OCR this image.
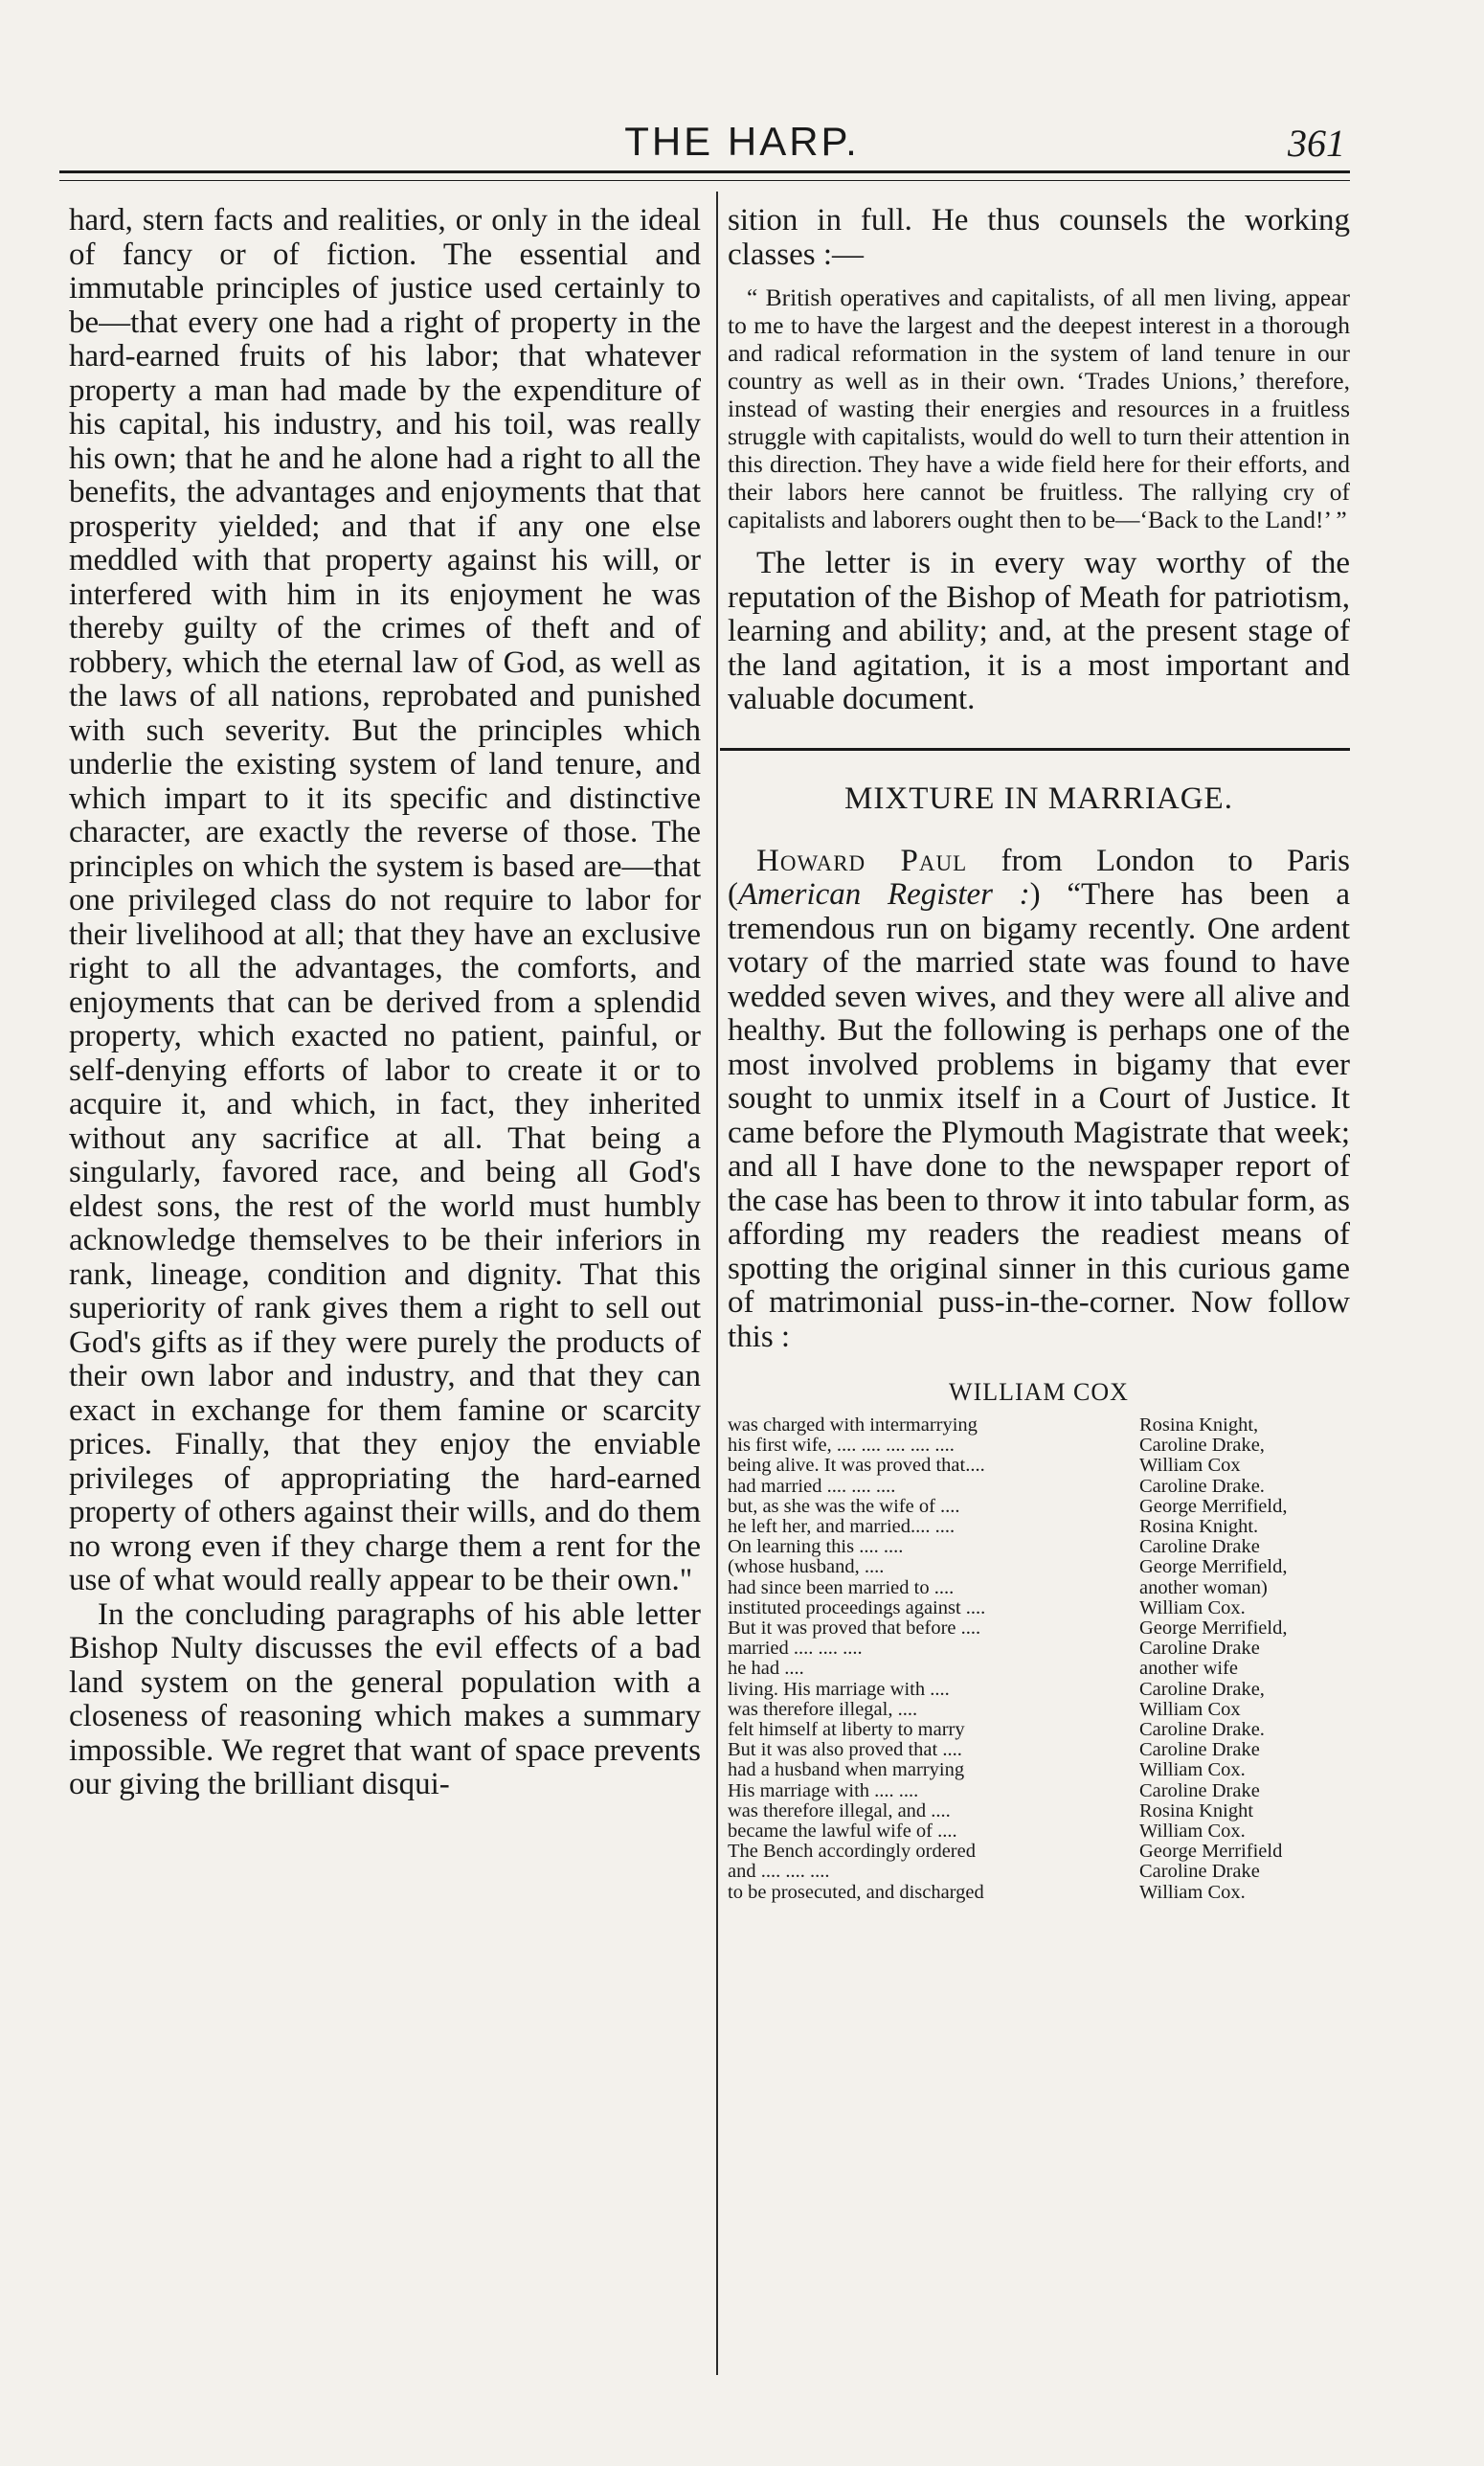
THE HARP.	361

hard, stern facts and realities, or only in the ideal of fancy or of fiction. The essential and immutable principles of justice used certainly to be—that every one had a right of property in the hard-earned fruits of his labor; that whatever property a man had made by the expenditure of his capital, his industry, and his toil, was really his own; that he and he alone had a right to all the benefits, the advantages and enjoyments that that prosperity yielded; and that if any one else meddled with that property against his will, or interfered with him in its enjoyment he was thereby guilty of the crimes of theft and of robbery, which the eternal law of God, as well as the laws of all nations, reprobated and punished with such severity. But the principles which underlie the existing system of land tenure, and which impart to it its specific and distinctive character, are exactly the reverse of those. The principles on which the system is based are—that one privileged class do not require to labor for their livelihood at all; that they have an exclusive right to all the advantages, the comforts, and enjoyments that can be derived from a splendid property, which exacted no patient, painful, or self-denying efforts of labor to create it or to acquire it, and which, in fact, they inherited without any sacrifice at all. That being a singularly, favored race, and being all God's eldest sons, the rest of the world must humbly acknowledge themselves to be their inferiors in rank, lineage, condition and dignity. That this superiority of rank gives them a right to sell out God's gifts as if they were purely the products of their own labor and industry, and that they can exact in exchange for them famine or scarcity prices. Finally, that they enjoy the enviable privileges of appropriating the hard-earned property of others against their wills, and do them no wrong even if they charge them a rent for the use of what would really appear to be their own."

In the concluding paragraphs of his able letter Bishop Nulty discusses the evil effects of a bad land system on the general population with a closeness of reasoning which makes a summary impossible. We regret that want of space prevents our giving the brilliant disqui-

sition in full. He thus counsels the working classes :—

“ British operatives and capitalists, of all men living, appear to me to have the largest and the deepest interest in a thorough and radical reformation in the system of land tenure in our country as well as in their own. ‘Trades Unions,’ therefore, instead of wasting their energies and resources in a fruitless struggle with capitalists, would do well to turn their attention in this direction. They have a wide field here for their efforts, and their labors here cannot be fruitless. The rallying cry of capitalists and laborers ought then to be—‘Back to the Land!’ ”

The letter is in every way worthy of the reputation of the Bishop of Meath for patriotism, learning and ability; and, at the present stage of the land agitation, it is a most important and valuable document.

MIXTURE IN MARRIAGE.

Howard Paul from London to Paris (American Register :) “There has been a tremendous run on bigamy recently. One ardent votary of the married state was found to have wedded seven wives, and they were all alive and healthy. But the following is perhaps one of the most involved problems in bigamy that ever sought to unmix itself in a Court of Justice. It came before the Plymouth Magistrate that week; and all I have done to the newspaper report of the case has been to throw it into tabular form, as affording my readers the readiest means of spotting the original sinner in this curious game of matrimonial puss-in-the-corner. Now follow this :

WILLIAM COX
was charged with intermarrying	Rosina Knight,
his first wife, .... .... .... .... ....	Caroline Drake,
being alive. It was proved that....	William Cox
had married .... .... ....	Caroline Drake.
but, as she was the wife of ....	George Merrifield,
he left her, and married.... ....	Rosina Knight.
On learning this .... ....	Caroline Drake
(whose husband, ....	George Merrifield,
had since been married to ....	another woman)
instituted proceedings against ....	William Cox.
But it was proved that before ....	George Merrifield,
married .... .... ....	Caroline Drake
he had ....	another wife
living. His marriage with ....	Caroline Drake,
was therefore illegal, ....	William Cox
felt himself at liberty to marry	Caroline Drake.
But it was also proved that ....	Caroline Drake
had a husband when marrying	William Cox.
His marriage with .... ....	Caroline Drake
was therefore illegal, and ....	Rosina Knight
became the lawful wife of ....	William Cox.
The Bench accordingly ordered	George Merrifield
and .... .... ....	Caroline Drake
to be prosecuted, and discharged	William Cox.
